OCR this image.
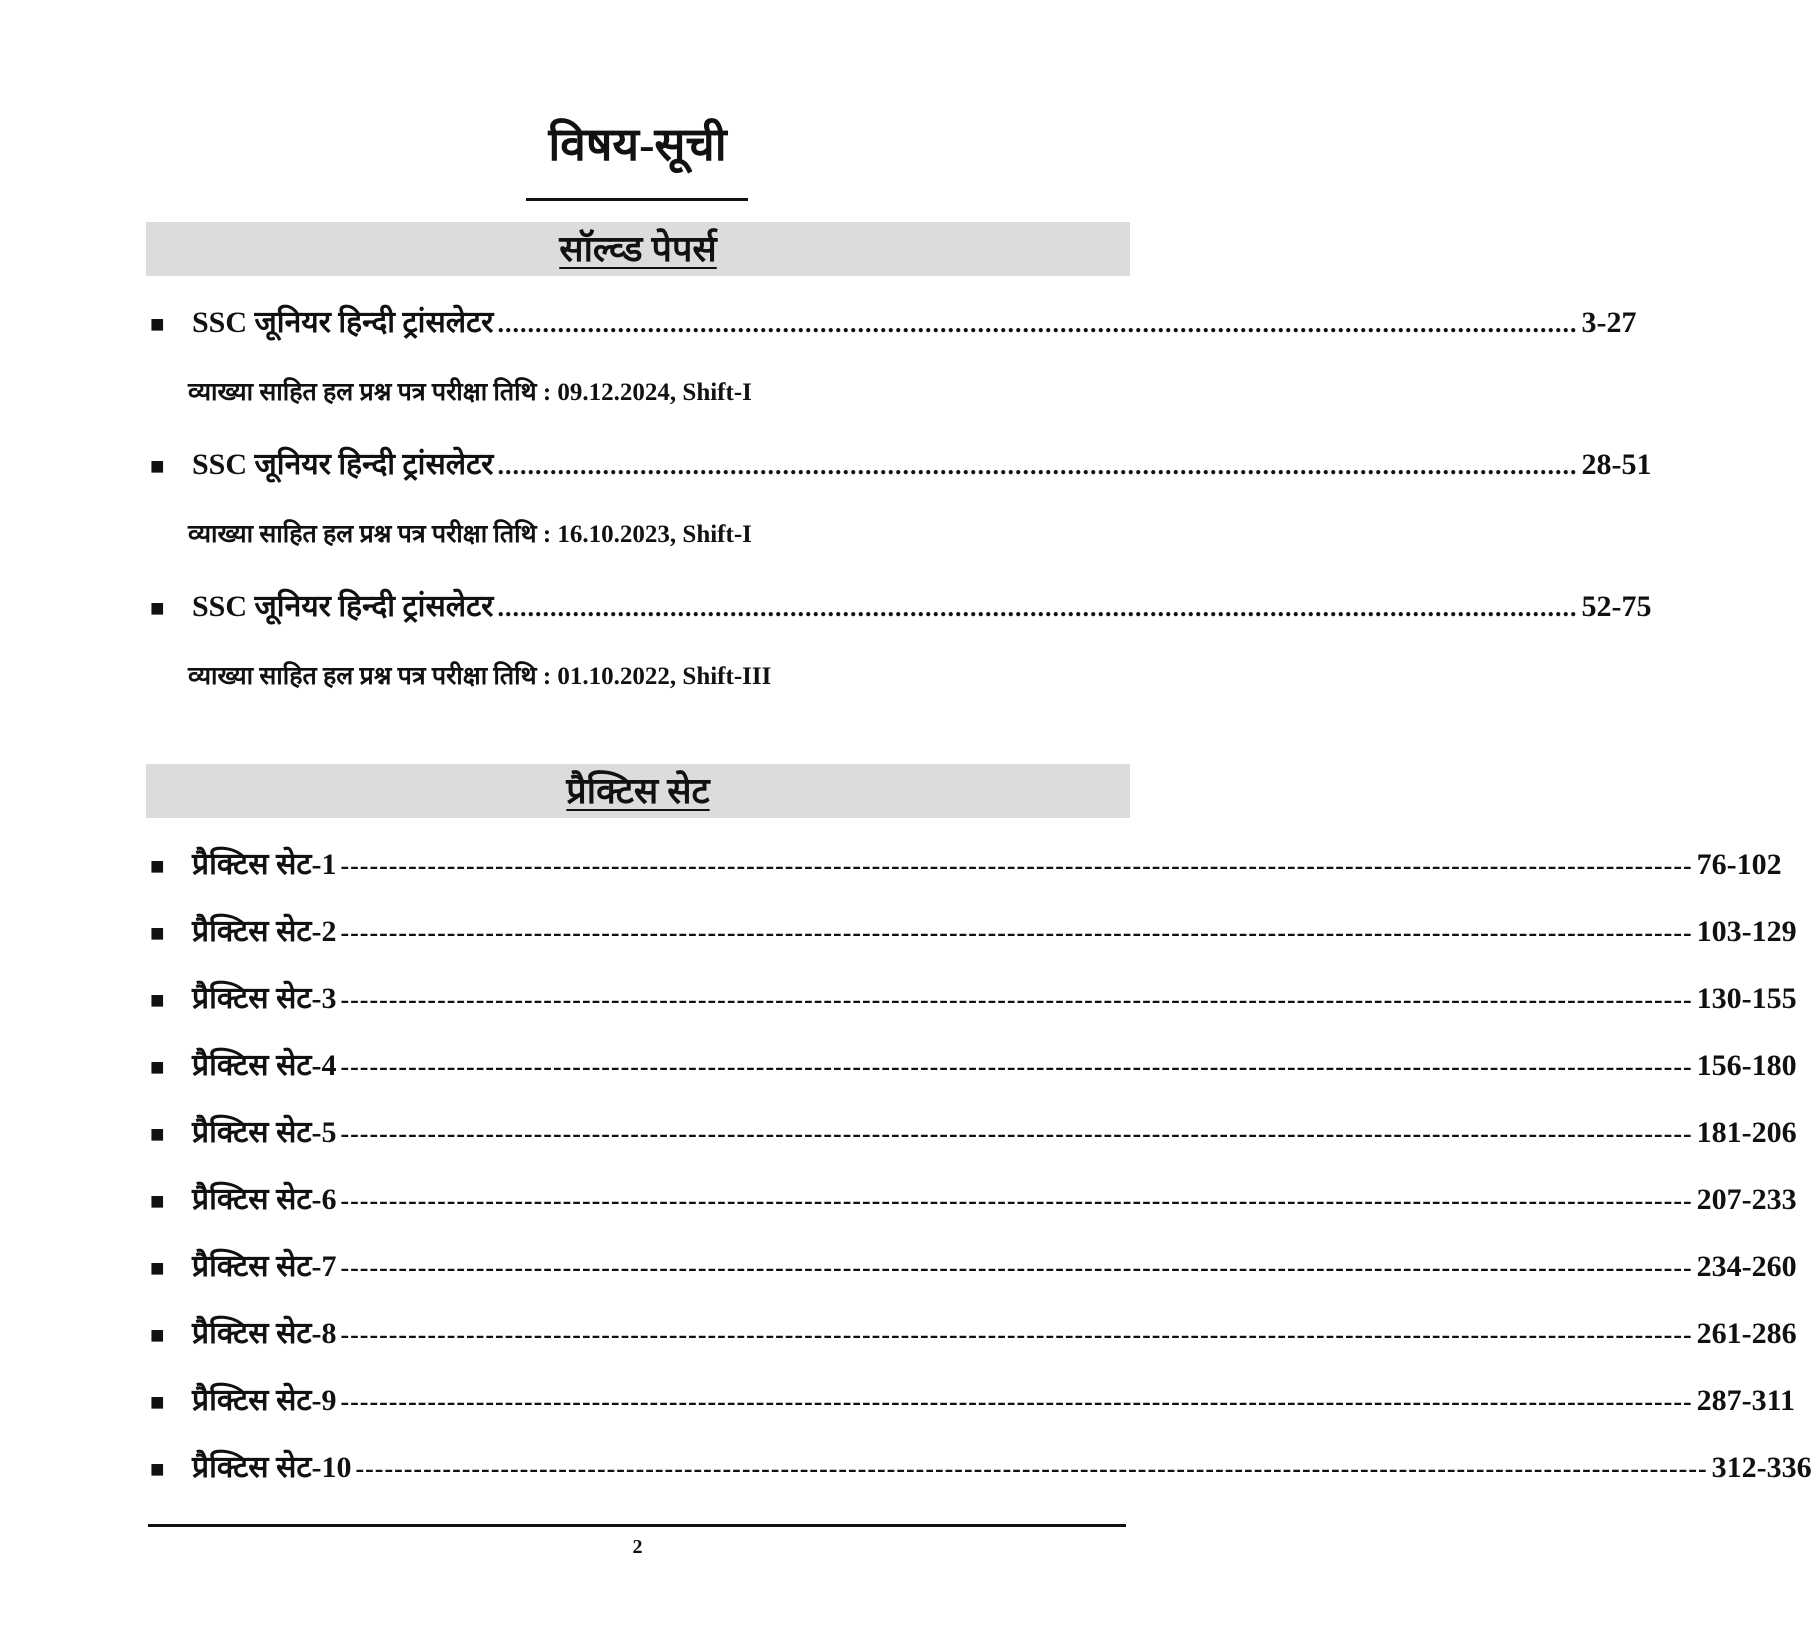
विषय-सूची
सॉल्व्ड पेपर्स
■ SSC जूनियर हिन्दी ट्रांसलेटर ................................................................................................................................................ 3-27
व्याख्या साहित हल प्रश्न पत्र परीक्षा तिथि : 09.12.2024, Shift-I
■ SSC जूनियर हिन्दी ट्रांसलेटर ................................................................................................................................................ 28-51
व्याख्या साहित हल प्रश्न पत्र परीक्षा तिथि : 16.10.2023, Shift-I
■ SSC जूनियर हिन्दी ट्रांसलेटर ................................................................................................................................................ 52-75
व्याख्या साहित हल प्रश्न पत्र परीक्षा तिथि : 01.10.2022, Shift-III
प्रैक्टिस सेट
■ प्रैक्टिस सेट-1 -------------------------------------------------------------------------------------------------------------------------------------------- 76-102
■ प्रैक्टिस सेट-2 -------------------------------------------------------------------------------------------------------------------------------------------- 103-129
■ प्रैक्टिस सेट-3 -------------------------------------------------------------------------------------------------------------------------------------------- 130-155
■ प्रैक्टिस सेट-4 -------------------------------------------------------------------------------------------------------------------------------------------- 156-180
■ प्रैक्टिस सेट-5 -------------------------------------------------------------------------------------------------------------------------------------------- 181-206
■ प्रैक्टिस सेट-6 -------------------------------------------------------------------------------------------------------------------------------------------- 207-233
■ प्रैक्टिस सेट-7 -------------------------------------------------------------------------------------------------------------------------------------------- 234-260
■ प्रैक्टिस सेट-8 -------------------------------------------------------------------------------------------------------------------------------------------- 261-286
■ प्रैक्टिस सेट-9 -------------------------------------------------------------------------------------------------------------------------------------------- 287-311
■ प्रैक्टिस सेट-10 -------------------------------------------------------------------------------------------------------------------------------------------- 312-336
2
